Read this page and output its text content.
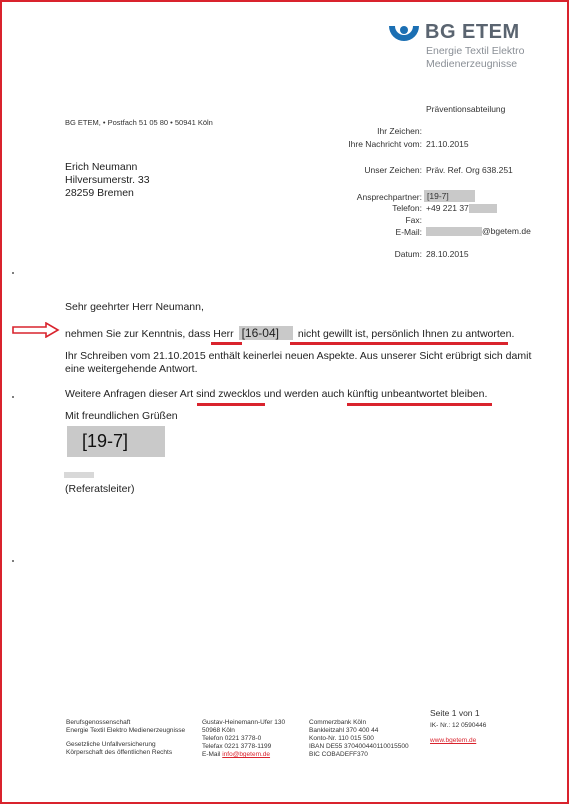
BG ETEM
Energie Textil Elektro
Medienerzeugnisse
Präventionsabteilung
BG ETEM, • Postfach 51 05 80 • 50941 Köln
Ihr Zeichen:
Ihre Nachricht vom: 21.10.2015
Unser Zeichen: Präv. Ref. Org 638.251
Ansprechpartner: [19-7]
Telefon: +49 221 37
Fax:
E-Mail:	@bgetem.de
Datum: 28.10.2015
Erich Neumann
Hilversumerstr. 33
28259 Bremen
Sehr geehrter Herr Neumann,
nehmen Sie zur Kenntnis, dass Herr [16-04] nicht gewillt ist, persönlich Ihnen zu antworten.
Ihr Schreiben vom 21.10.2015 enthält keinerlei neuen Aspekte. Aus unserer Sicht erübrigt sich damit
eine weitergehende Antwort.
Weitere Anfragen dieser Art sind zwecklos und werden auch künftig unbeantwortet bleiben.
Mit freundlichen Grüßen
[19-7]
(Referatsleiter)
Seite 1 von 1
IK- Nr.: 12 0590446
Berufsgenossenschaft
Energie Textil Elektro Medienerzeugnisse
Gesetzliche Unfallversicherung
Körperschaft des öffentlichen Rechts
Gustav-Heinemann-Ufer 130
50968 Köln
Telefon 0221 3778-0
Telefax 0221 3778-1199
E-Mail info@bgetem.de
Commerzbank Köln
Bankleitzahl 370 400 44
Konto-Nr. 110 015 500
IBAN DE55 370400440110015500
BIC COBADEFF370
www.bgetem.de
